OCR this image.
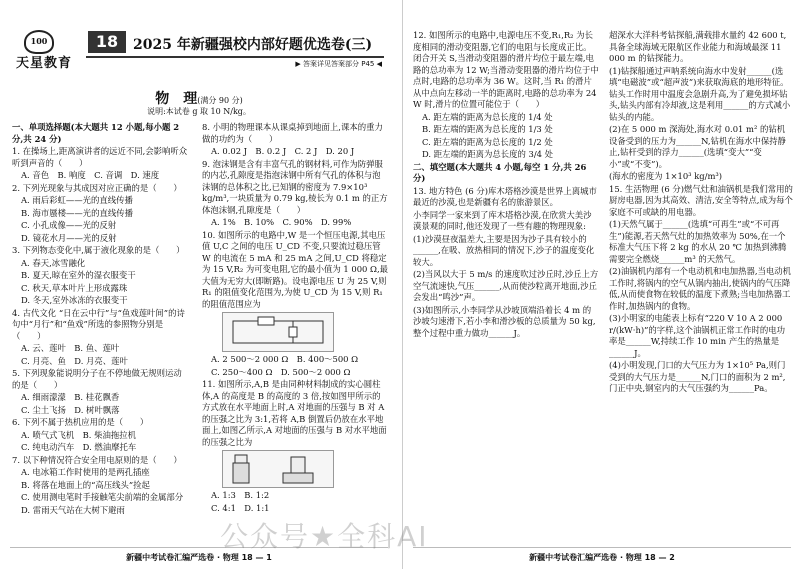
100
天星教育
18	2025 年新疆强校内部好题优选卷(三)
▶ 答案详见答案部分 P45 ◀
物　理(满分 90 分)
说明:本试卷 g 取 10 N/kg。

一、单项选择题(本大题共 12 小题,每小题 2 分,共 24 分)

1. 在操场上,距离演讲者的远近不同,会影响听众听到声音的（　　）

A. 音色　B. 响度　C. 音调　D. 速度

2. 下列光现象与其成因对应正确的是（　　）

A. 雨后彩虹——光的直线传播

B. 海市蜃楼——光的直线传播

C. 小孔成像——光的反射

D. 镜花水月——光的反射

3. 下列物态变化中,属于液化现象的是（　　）

A. 春天,冰雪融化

B. 夏天,晾在室外的湿衣服变干

C. 秋天,草本叶片上形成露珠

D. 冬天,室外冰冻的衣服变干

4. 古代文化 “日在云中行”与“鱼戏莲叶间”的诗句中“月行”和“鱼戏”所选的参照物分别是（　　）

A. 云、莲叶　B. 鱼、莲叶

C. 月亮、鱼　D. 月亮、莲叶

5. 下列现象能说明分子在不停地做无规则运动的是（　　）

A. 细雨濛濛　B. 桂花飘香

C. 尘土飞扬　D. 树叶飘落

6. 下列不属于热机应用的是（　　）

A. 喷气式飞机　B. 柴油拖拉机

C. 纯电动汽车　D. 燃油摩托车

7. 以下种情况符合安全用电原则的是（　　）

A. 电冰箱工作时使用的是两孔插座

B. 将落在地面上的“高压线头”捡起

C. 使用测电笔时手接触笔尖前端的金属部分

D. 雷雨天气站在大树下避雨

8. 小明的物理课本从课桌掉到地面上,课本的重力做的功约为（　　）

A. 0.02 J　B. 0.2 J　C. 2 J　D. 20 J

9. 泡沫钢是含有丰富气孔的钢材料,可作为防弹服的内芯,孔隙度是指泡沫钢中所有气孔的体积与泡沫钢的总体积之比,已知钢的密度为 7.9×10³ kg/m³,一块质量为 0.79 kg,棱长为 0.1 m 的正方体泡沫钢,孔隙度是（　　）

A. 1%　B. 10%　C. 90%　D. 99%

10. 如图所示的电路中,W 是一个恒压电源,其电压值 U,C 之间的电压 U_CD 不变,只要流过稳压管 W 的电流在 5 mA 和 25 mA 之间,U_CD 将稳定为 15 V,R₂ 为可变电阻,它的最小值为 1 000 Ω,最大值为无穷大(即断路)。设电源电压 U 为 25 V,则 R₁ 的阻值变化范围为,为使 U_CD 为 15 V,则 R₁ 的阻值范围应为

A. 2 500～2 000 Ω　B. 400～500 Ω

C. 250～400 Ω　D. 500～2 000 Ω

11. 如图所示,A,B 是由同种材料制成的实心圆柱体,A 的高度是 B 的高度的 3 倍,按如图甲所示的方式放在水平地面上时,A 对地面的压强与 B 对 A 的压强之比为 3:1,若将 A,B 倒置后仍放在水平地面上,如图乙所示,A 对地面的压强与 B 对水平地面的压强之比为

A. 1:3　B. 1:2

C. 4:1　D. 1:1

新疆中考试卷汇编严选卷 · 物理 18 — 1

12. 如图所示的电路中,电源电压不变,R₁,R₂ 为长度相同的滑动变阻器,它们的电阻与长度成正比。闭合开关 S,当滑动变阻器的滑片均位于最左端,电路的总功率为 12 W;当滑动变阻器的滑片均位于中点时,电路的总功率为 36 W。这时,当 R₁ 的滑片从中点向左移动一半的距离时,电路的总功率为 24 W 时,滑片的位置可能位于（　　）

A. 距左端的距离为总长度的 1/4 处

B. 距左端的距离为总长度的 1/3 处

C. 距左端的距离为总长度的 1/2 处

D. 距左端的距离为总长度的 3/4 处

二、填空题(本大题共 4 小题,每空 1 分,共 26 分)

13. 地方特色 (6 分)库木塔格沙漠是世界上离城市最近的沙漠,也是新疆有名的旅游景区。

小李同学一家来到了库木塔格沙漠,在欣赏大美沙漠景观的同时,他还发现了一些有趣的物理现象:

(1)沙漠昼夜温差大,主要是因为沙子具有较小的______,在吸、放热相同的情况下,沙子的温度变化较大。

(2)当风以大于 5 m/s 的速度吹过沙丘时,沙丘上方空气流速快,气压______,从而使沙粒离开地面,沙丘会发出“鸣沙”声。

(3)如图所示,小李同学从沙坡顶端沿着长 4 m 的沙坡匀速滑下,若小李和滑沙板的总质量为 50 kg,整个过程中重力做功______J。

超深水大洋科考钻探船,满载排水量约 42 600 t,具备全球海域无限航区作业能力和海域最深 11 000 m 的钻探能力。

(1)钻探船通过声呐系统向海水中发射______(选填“电磁波”或“超声波”)来获取海底的地形特征。钻头工作时用中温度会急剧升高,为了避免损坏钻头,钻头内部有冷却液,这是利用______的方式减小钻头的内能。

(2)在 5 000 m 深海处,海水对 0.01 m² 的钻机设备受到的压力为______N,钻机在海水中保持静止,钻杆受到的浮力______(选填“变大”“变小”或“不变”)。

(海水的密度为 1×10³ kg/m³)

15. 生活物理 (6 分)燃气灶和油锅机是我们常用的厨房电器,因为其高效、清洁,安全等特点,成为每个家庭不可或缺的用电器。

(1)天然气属于______(选填“可再生”或“不可再生”)能源,若天然气灶的加热效率为 50%,在一个标准大气压下将 2 kg 的水从 20 ℃ 加热到沸腾需要完全燃烧______m³ 的天然气。

(2)油锅机内部有一个电动机和电加热器,当电动机工作时,将锅内的空气从锅内抽出,使锅内的气压降低,从而使食物在较低的温度下煮熟;当电加热器工作时,加热锅内的食物。

(3)小明家的电能表上标有“220 V 10 A 2 000 r/(kW·h)”的字样,这个油锅机正常工作时的电功率是______W,持续工作 10 min 产生的热量是______J。

(4)小明发现,门口的大气压力为 1×10⁵ Pa,则门受到的大气压力是______N,门口的面积为 2 m²,门正中央,钢室内的大气压强约为______Pa。

新疆中考试卷汇编严选卷 · 物理 18 — 2
公众号★全科AI
